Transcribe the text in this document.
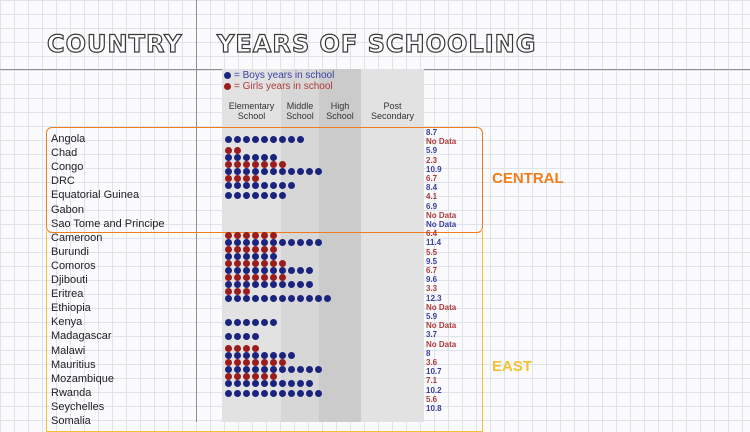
COUNTRY YEARS OF SCHOOLING
= Boys years in school
= Girls years in school
Elementary
School
Middle
School
High
School
Post
Secondary
CENTRAL
EAST
Angola
Chad
Congo
DRC
Equatorial Guinea
Gabon
Sao Tome and Principe
Cameroon
Burundi
Comoros
Djibouti
Eritrea
Ethiopia
Kenya
Madagascar
Malawi
Mauritius
Mozambique
Rwanda
Seychelles
Somalia
8.7
No Data
5.9
2.3
10.9
6.7
8.4
4.1
6.9
No Data
No Data
6.4
11.4
5.5
9.5
6.7
9.6
3.3
12.3
No Data
5.9
No Data
3.7
No Data
8
3.6
10.7
7.1
10.2
5.6
10.8
